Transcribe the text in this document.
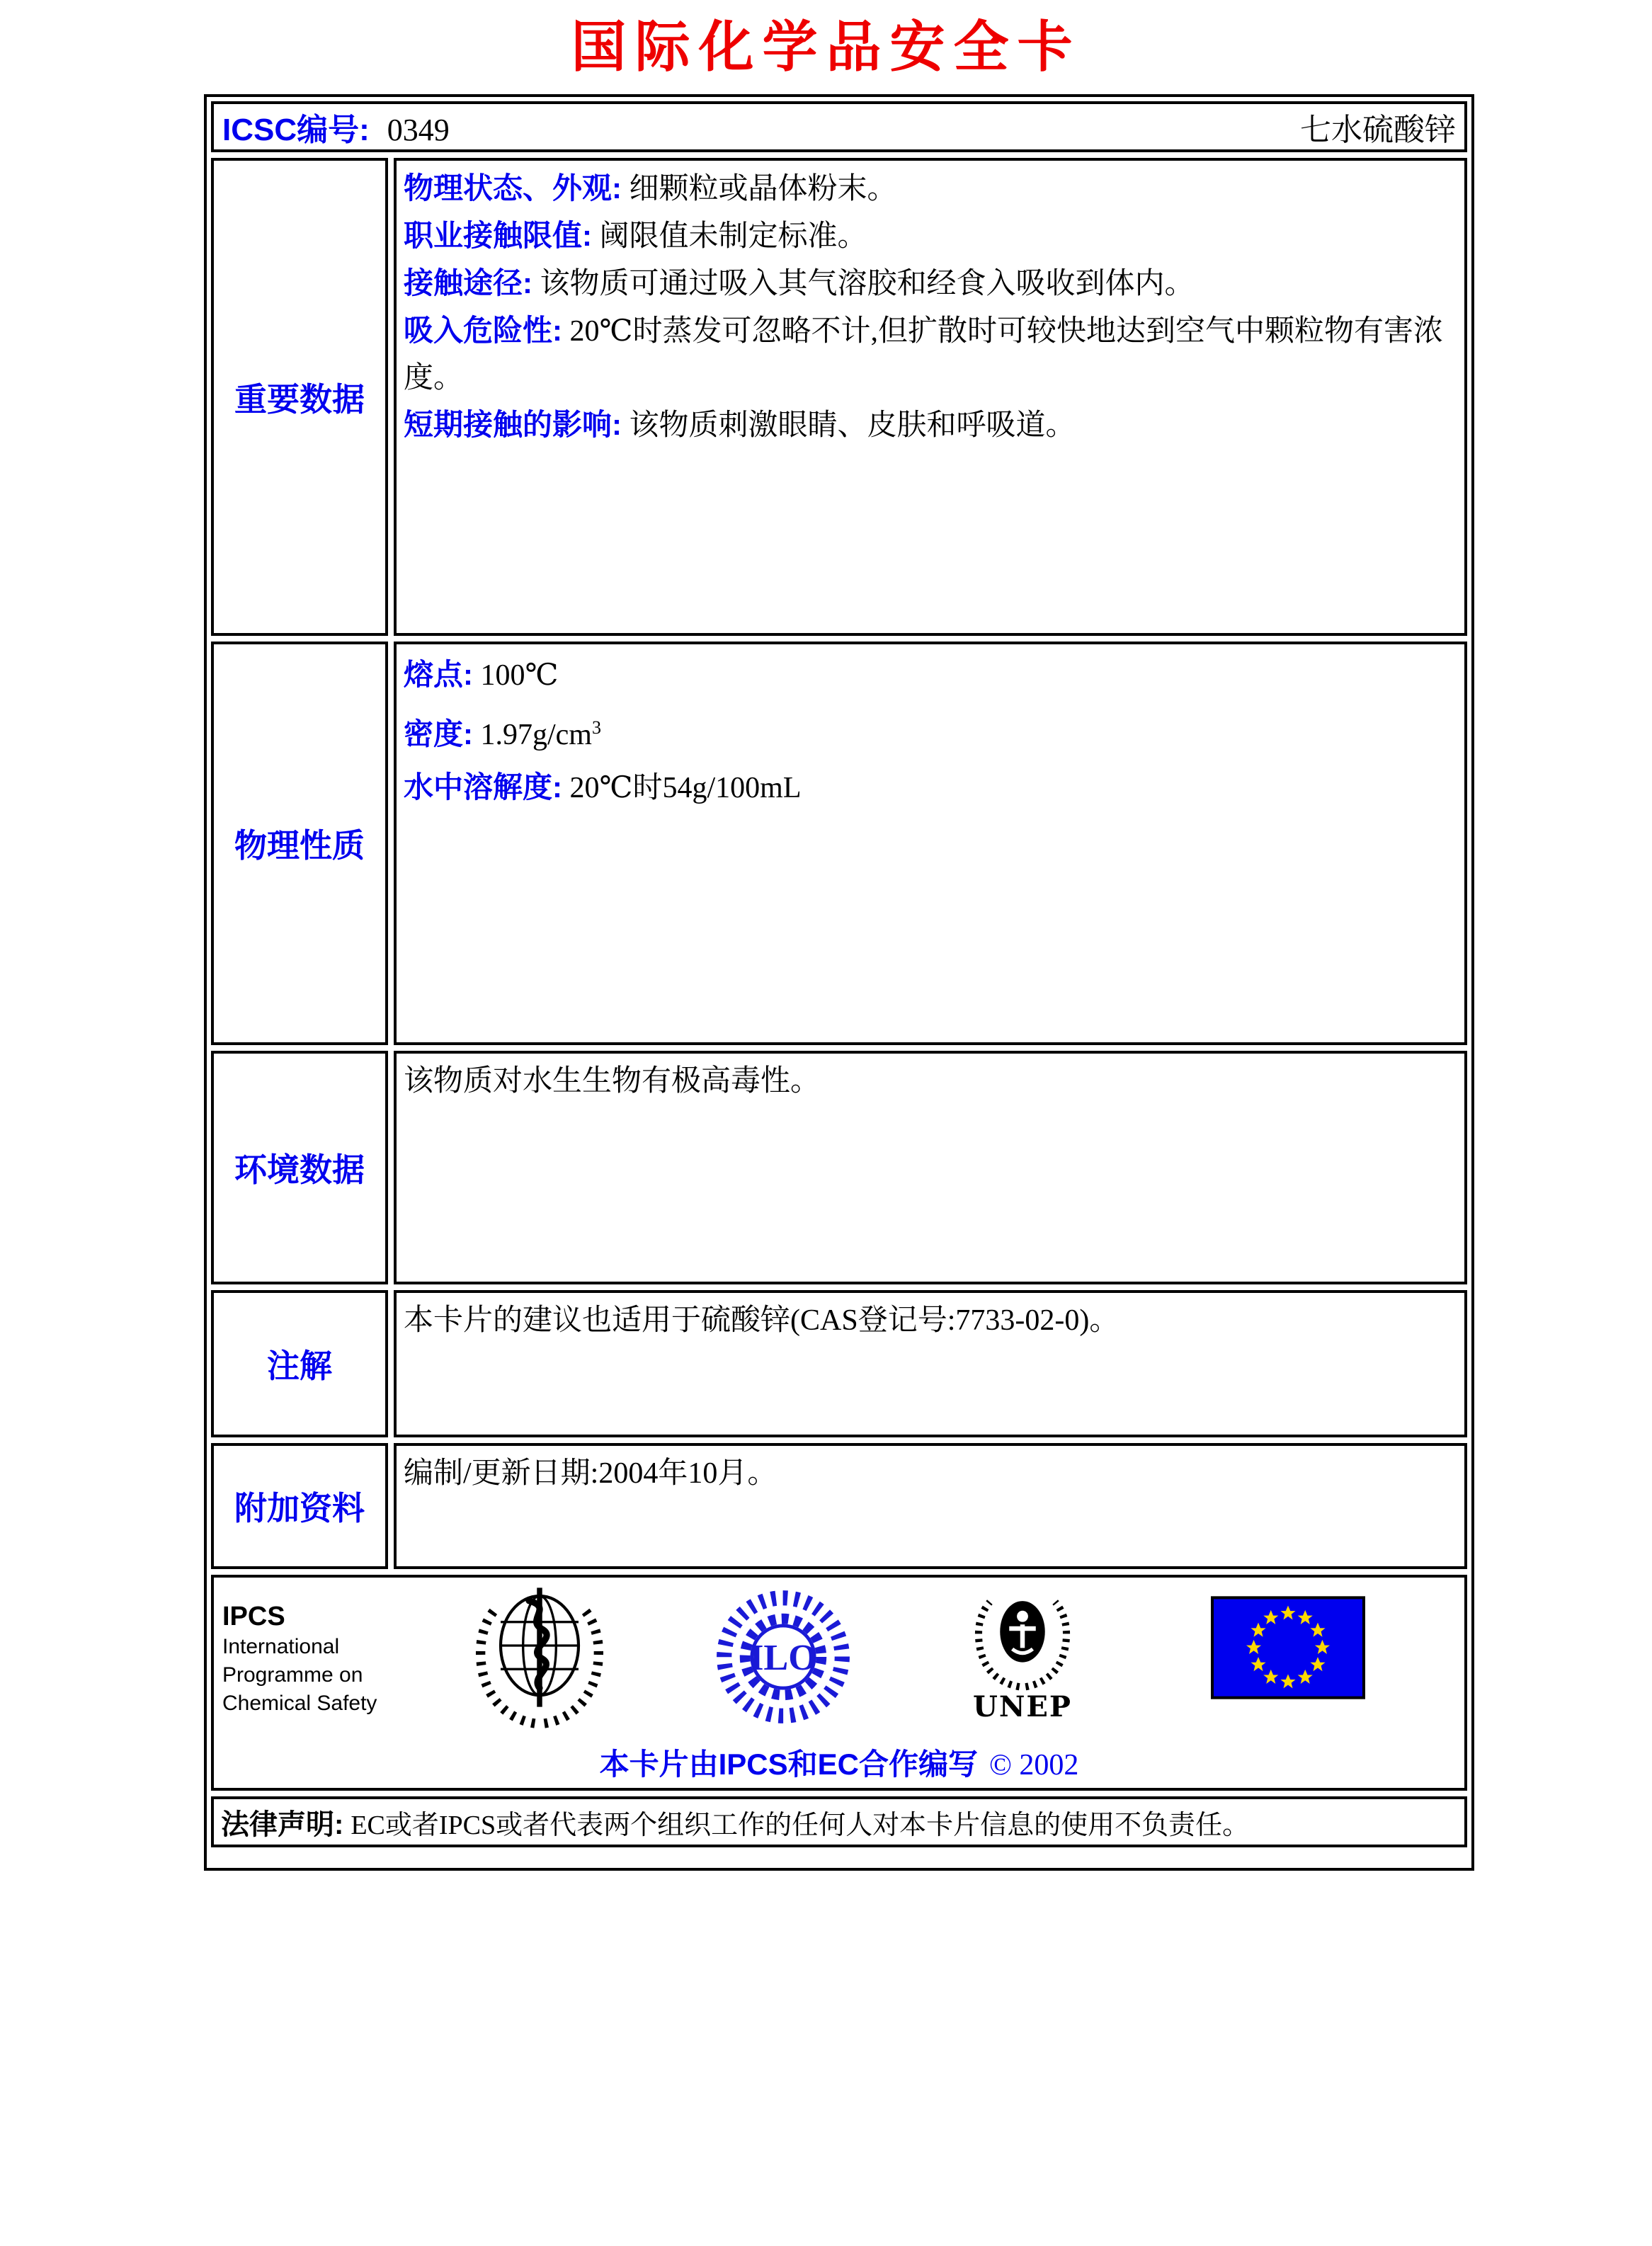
国际化学品安全卡
ICSC编号: 0349	七水硫酸锌
重要数据

物理状态、外观: 细颗粒或晶体粉末。

职业接触限值: 阈限值未制定标准。

接触途径: 该物质可通过吸入其气溶胶和经食入吸收到体内。

吸入危险性: 20℃时蒸发可忽略不计,但扩散时可较快地达到空气中颗粒物有害浓度。

短期接触的影响: 该物质刺激眼睛、皮肤和呼吸道。

物理性质

熔点: 100℃

密度: $1.97g/cm^3$

水中溶解度: 20℃时54g/100mL

环境数据

该物质对水生生物有极高毒性。

注解

本卡片的建议也适用于硫酸锌(CAS登记号:7733-02-0)。

附加资料

编制/更新日期:2004年10月。

IPCS
International
Programme on
Chemical Safety
ILO
UNEP
本卡片由IPCS和EC合作编写 © 2002
法律声明: EC或者IPCS或者代表两个组织工作的任何人对本卡片信息的使用不负责任。
